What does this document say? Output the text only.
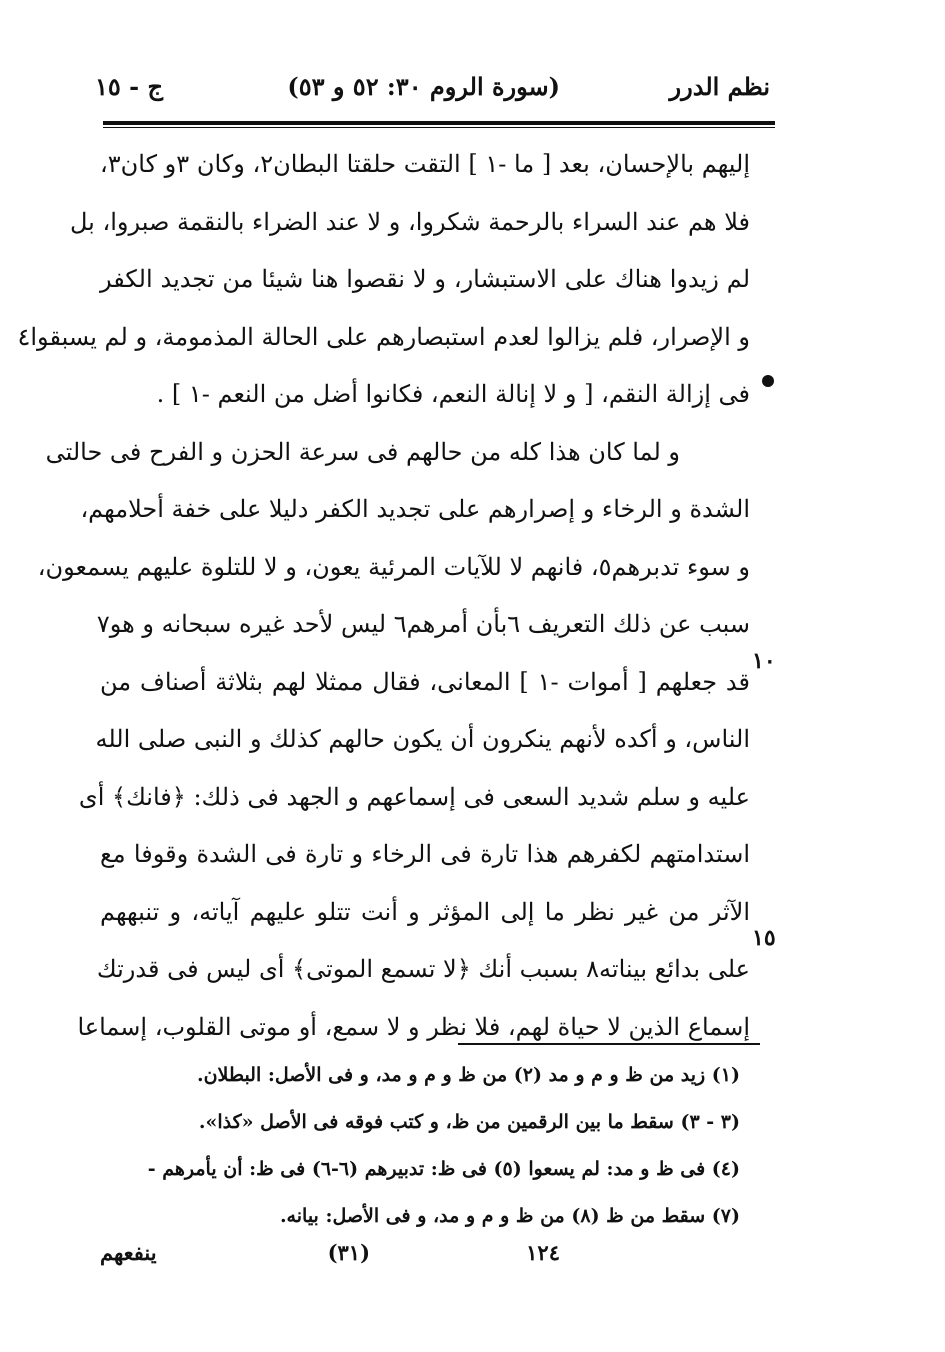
نظم الدرر
(سورة الروم ٣٠: ٥٢ و ٥٣)
ج - ١٥
١٠
١٥
إليهم بالإحسان، بعد [ ما -١ ] التقت حلقتا البطان٢، وكان ٣و كان٣،
فلا هم عند السراء بالرحمة شكروا، و لا عند الضراء بالنقمة صبروا، بل
لم زيدوا هناك على الاستبشار، و لا نقصوا هنا شيئا من تجديد الكفر
و الإصرار، فلم يزالوا لعدم استبصارهم على الحالة المذمومة، و لم يسبقوا٤
فى إزالة النقم، [ و لا إنالة النعم، فكانوا أضل من النعم -١ ] .
و لما كان هذا كله من حالهم فى سرعة الحزن و الفرح فى حالتى
الشدة و الرخاء و إصرارهم على تجديد الكفر دليلا على خفة أحلامهم،
و سوء تدبرهم٥، فانهم لا للآيات المرئية يعون، و لا للتلوة عليهم يسمعون،
سبب عن ذلك التعريف ٦بأن أمرهم٦ ليس لأحد غيره سبحانه و هو٧
قد جعلهم [ أموات -١ ] المعانى، فقال ممثلا لهم بثلاثة أصناف من
الناس، و أكده لأنهم ينكرون أن يكون حالهم كذلك و النبى صلى الله
عليه و سلم شديد السعى فى إسماعهم و الجهد فى ذلك: ﴿فانك﴾ أى
استدامتهم لكفرهم هذا تارة فى الرخاء و تارة فى الشدة وقوفا مع
الآثر من غير نظر ما إلى المؤثر و أنت تتلو عليهم آياته، و تنبههم
على بدائع بيناته٨ بسبب أنك ﴿لا تسمع الموتى﴾ أى ليس فى قدرتك
إسماع الذين لا حياة لهم، فلا نظر و لا سمع، أو موتى القلوب، إسماعا
(١) زيد من ظ و م و مد (٢) من ظ و م و مد، و فى الأصل: البطلان.
(٣ - ٣) سقط ما بين الرقمين من ظ، و كتب فوقه فى الأصل «كذا».
(٤) فى ظ و مد: لم يسعوا (٥) فى ظ: تدبيرهم (٦-٦) فى ظ: أن يأمرهم -
(٧) سقط من ظ (٨) من ظ و م و مد، و فى الأصل: بيانه.
١٢٤
(٣١)
ينفعهم
